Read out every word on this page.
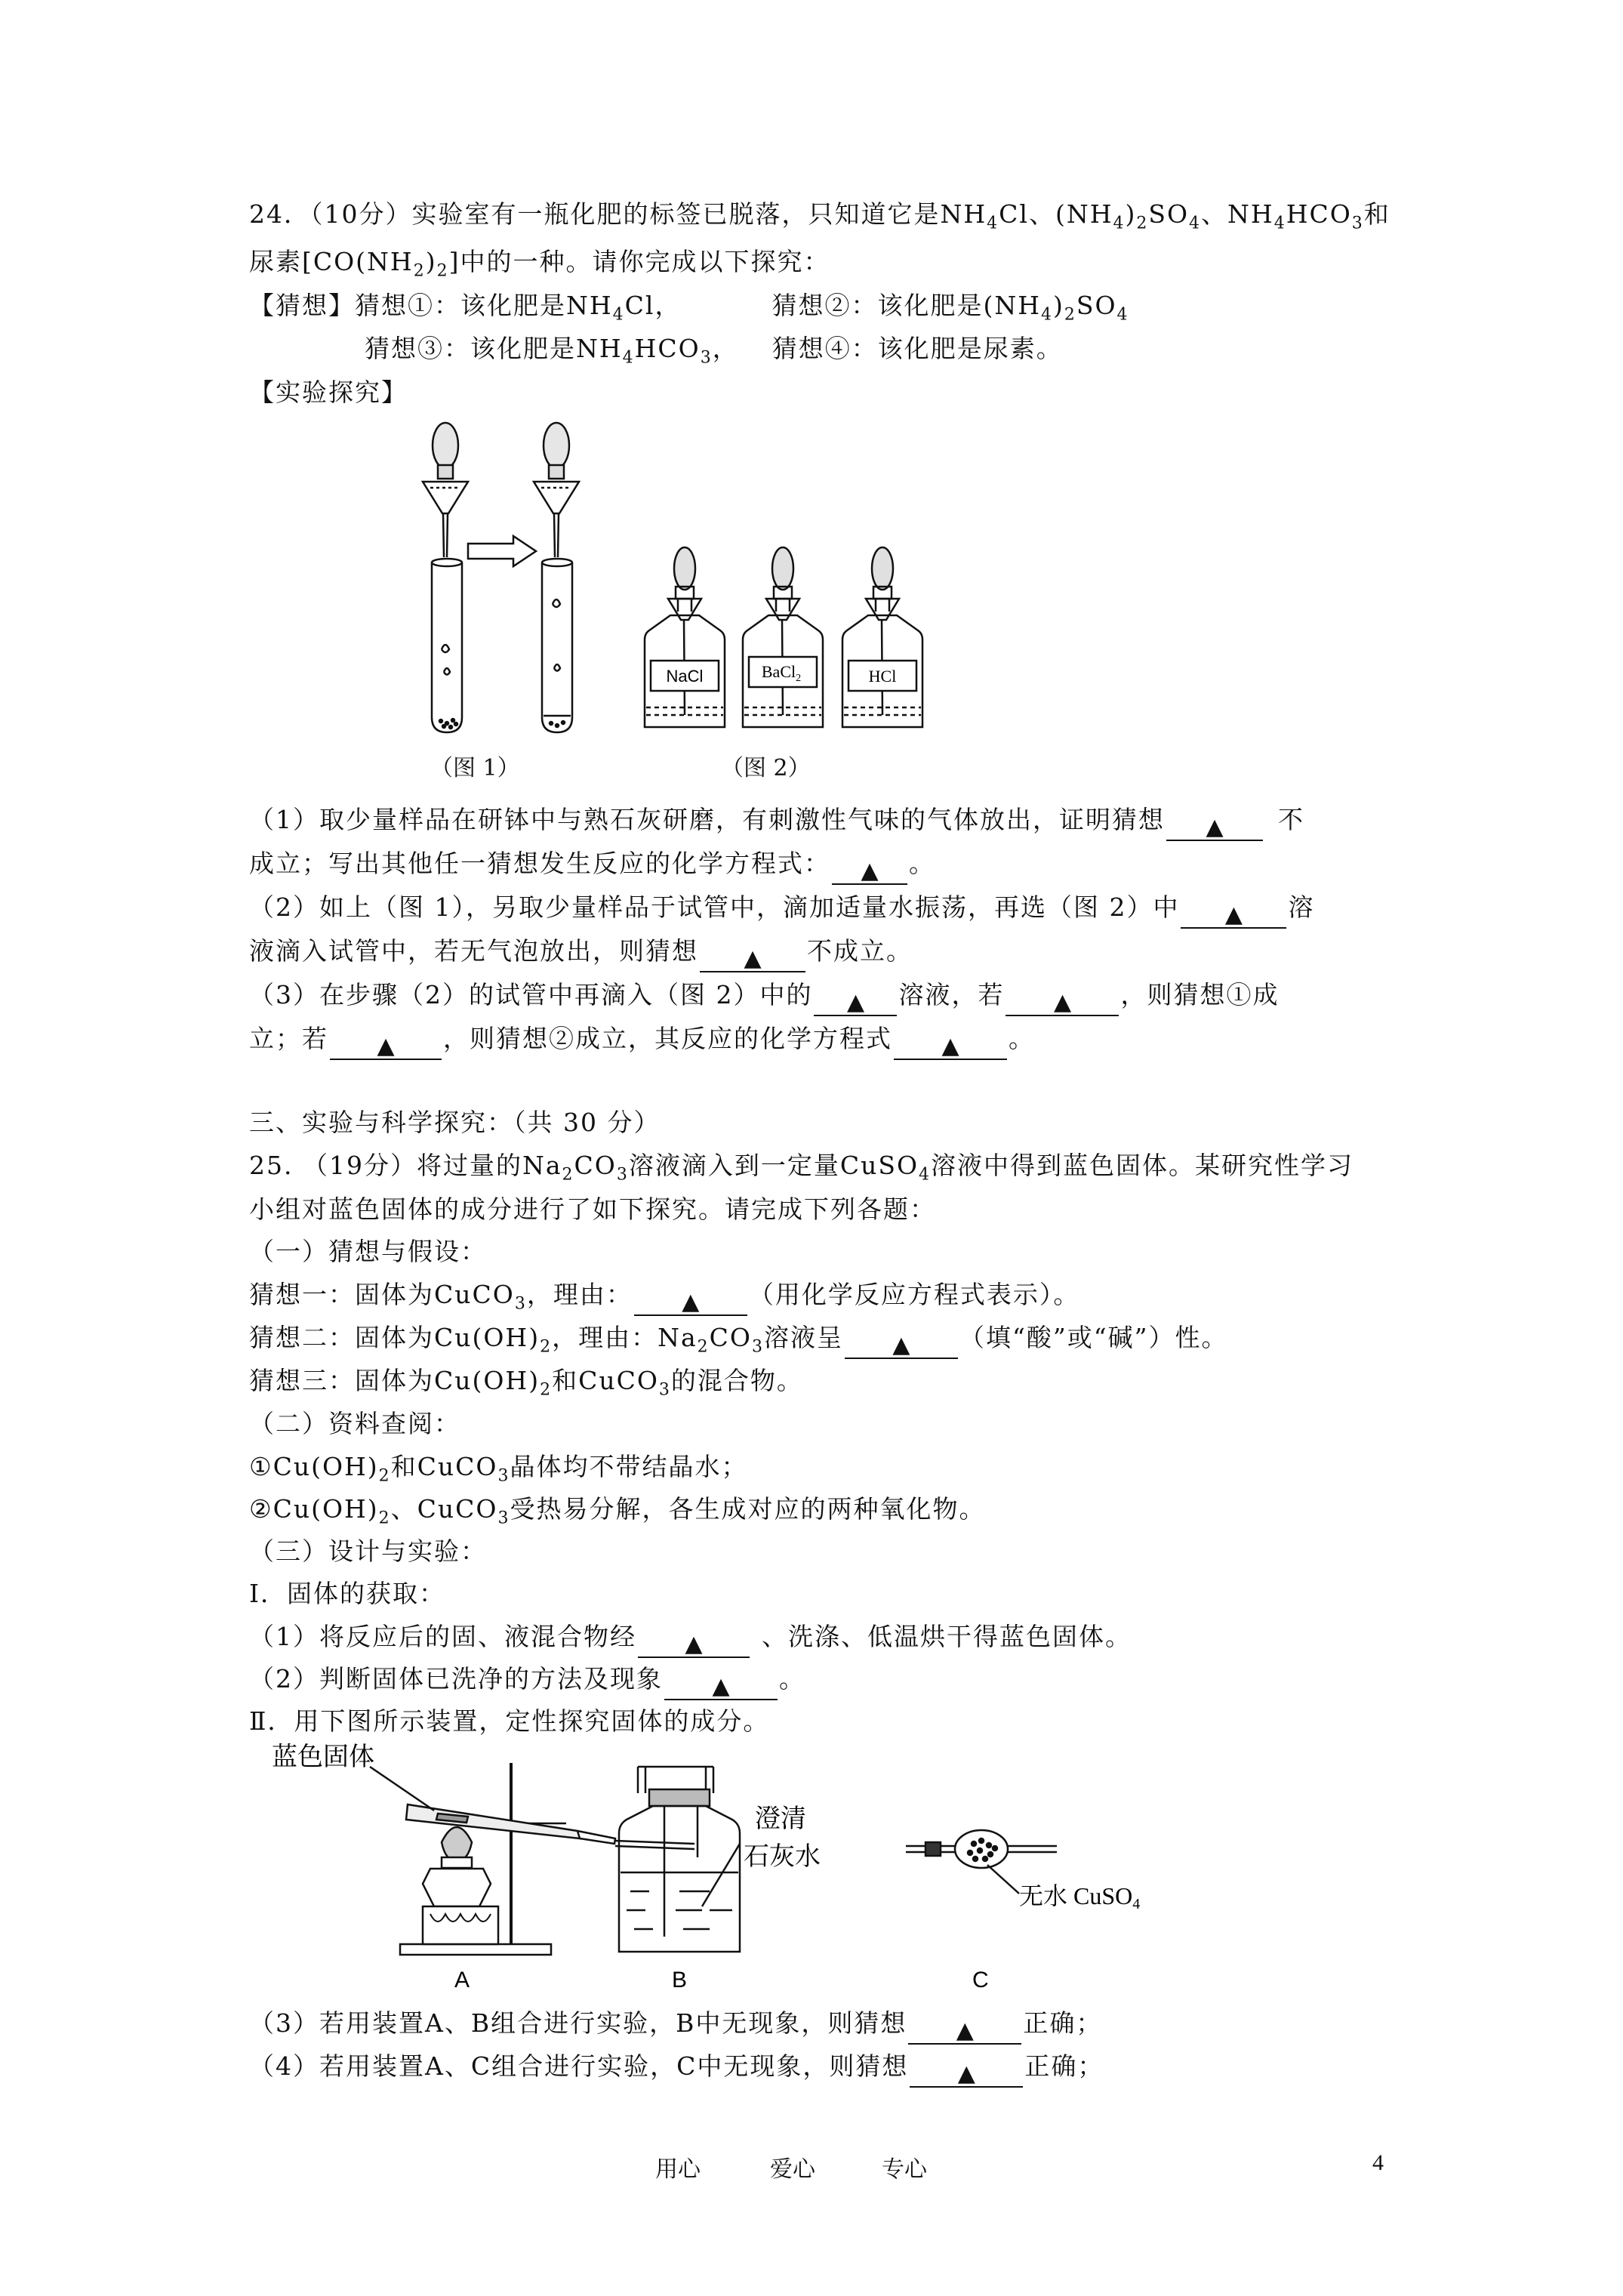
24．（10分）实验室有一瓶化肥的标签已脱落，只知道它是$NH_4Cl$、$(NH_4)_2SO_4$、$NH_4HCO_3$和
尿素$[CO(NH_2)_2]$中的一种。请你完成以下探究：
【猜想】猜想①：该化肥是$NH_4Cl$，	猜想②：该化肥是$(NH_4)_2SO_4$
猜想③：该化肥是$NH_4HCO_3$， 猜想④：该化肥是尿素。
【实验探究】
（图 1）
NaCl	BaCl$_2$	HCl
（图 2）
（1）取少量样品在研钵中与熟石灰研磨，有刺激性气味的气体放出，证明猜想 ▲ 不
成立；写出其他任一猜想发生反应的化学方程式： ▲ 。
（2）如上（图 1），另取少量样品于试管中，滴加适量水振荡，再选（图 2）中 ▲ 溶
液滴入试管中，若无气泡放出，则猜想 ▲ 不成立。
（3）在步骤（2）的试管中再滴入（图 2）中的 ▲ 溶液，若 ▲ ，则猜想①成
立；若 ▲ ，则猜想②成立，其反应的化学方程式 ▲ 。
三、实验与科学探究：（共 30 分）
25. （19分）将过量的$Na_2CO_3$溶液滴入到一定量CuSO$_4$溶液中得到蓝色固体。某研究性学习
小组对蓝色固体的成分进行了如下探究。请完成下列各题：
（一）猜想与假设：
猜想一：固体为CuCO$_3$，理由： ▲ （用化学反应方程式表示）。
猜想二：固体为$Cu(OH)_2$，理由：$Na_2CO_3$溶液呈 ▲ （填“酸”或“碱”）性。
猜想三：固体为$Cu(OH)_2$和CuCO$_3$的混合物。
（二）资料查阅：
$①Cu(OH)_2$和CuCO$_3$晶体均不带结晶水；
$②Cu(OH)_2$、CuCO$_3$受热易分解，各生成对应的两种氧化物。
（三）设计与实验：
Ⅰ．固体的获取：
（1）将反应后的固、液混合物经 ▲ 、洗涤、低温烘干得蓝色固体。
（2）判断固体已洗净的方法及现象 ▲ 。
Ⅱ．用下图所示装置，定性探究固体的成分。
蓝色固体
A
澄清
石灰水
B
无水 CuSO4
C
（3）若用装置A、B组合进行实验，B中无现象，则猜想 ▲ 正确；
（4）若用装置A、C组合进行实验，C中无现象，则猜想 ▲ 正确；
用心	爱心	专心	4
